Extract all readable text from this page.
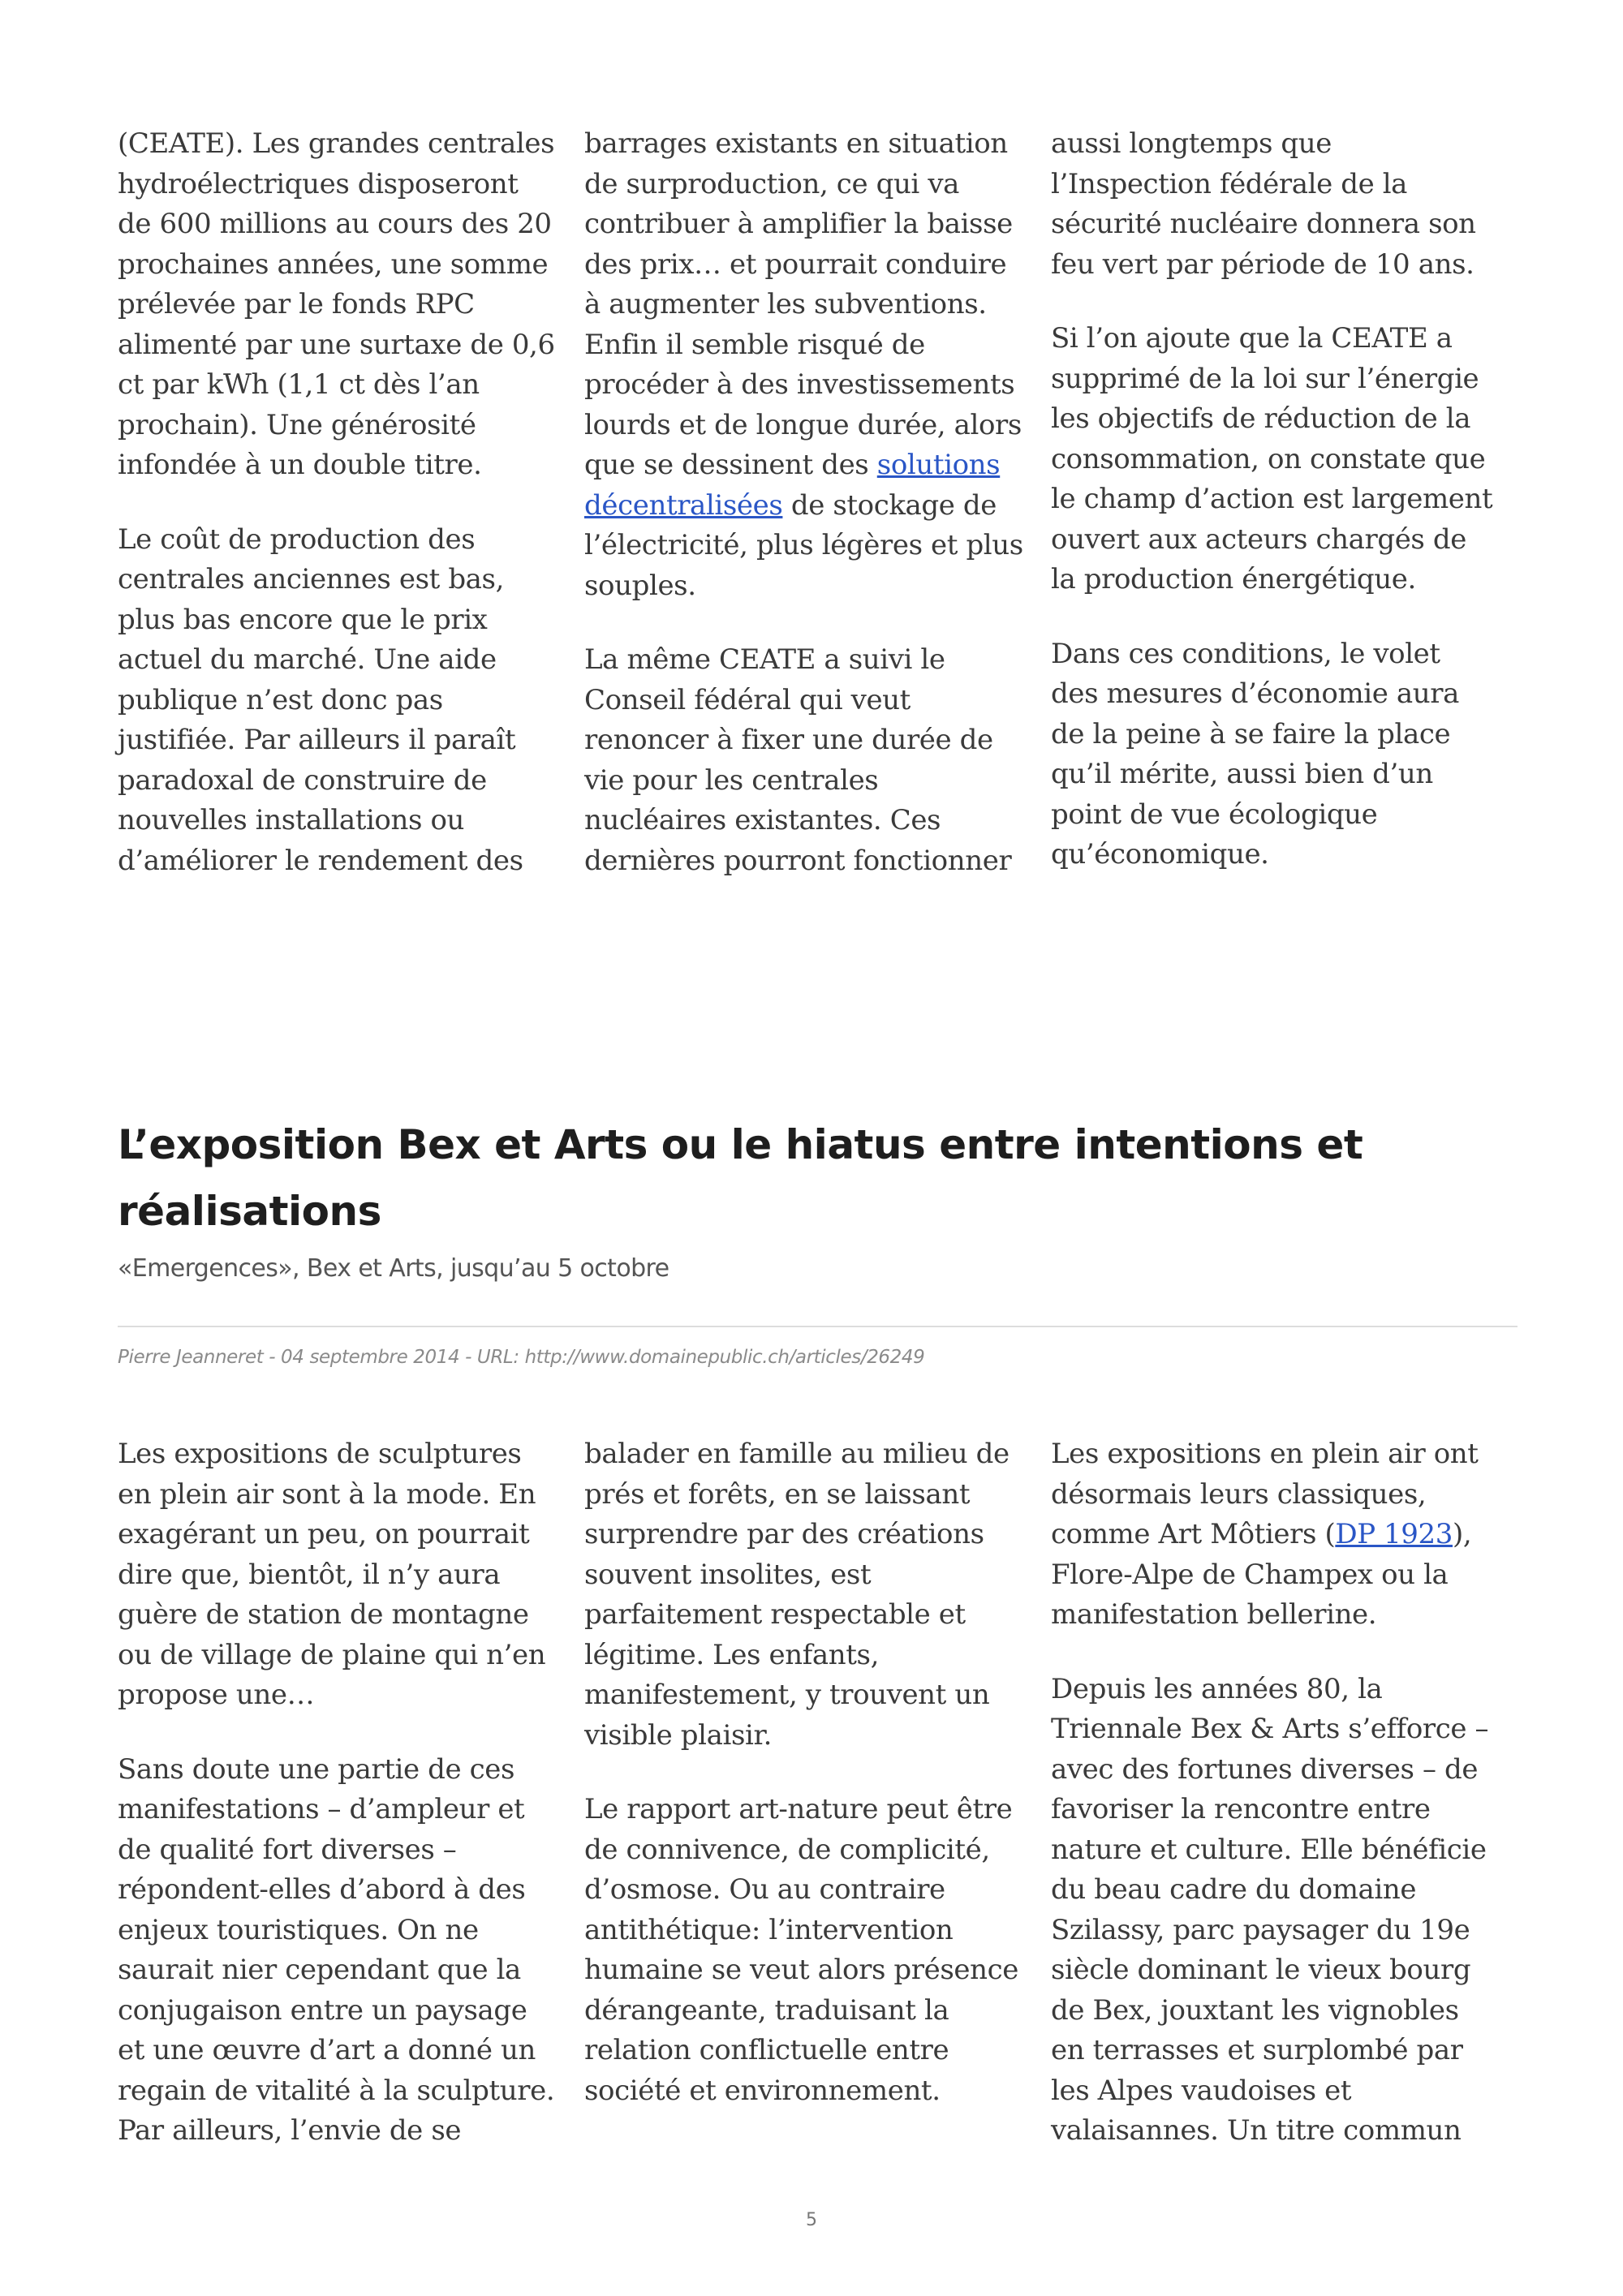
(CEATE). Les grandes centrales hydroélectriques disposeront de 600 millions au cours des 20 prochaines années, une somme prélevée par le fonds RPC alimenté par une surtaxe de 0,6 ct par kWh (1,1 ct dès l’an prochain). Une générosité infondée à un double titre.

Le coût de production des centrales anciennes est bas, plus bas encore que le prix actuel du marché. Une aide publique n’est donc pas justifiée. Par ailleurs il paraît paradoxal de construire de nouvelles installations ou d’améliorer le rendement des

barrages existants en situation de surproduction, ce qui va contribuer à amplifier la baisse des prix… et pourrait conduire à augmenter les subventions. Enfin il semble risqué de procéder à des investissements lourds et de longue durée, alors que se dessinent des solutions décentralisées de stockage de l’électricité, plus légères et plus souples.

La même CEATE a suivi le Conseil fédéral qui veut renoncer à fixer une durée de vie pour les centrales nucléaires existantes. Ces dernières pourront fonctionner

aussi longtemps que l’Inspection fédérale de la sécurité nucléaire donnera son feu vert par période de 10 ans.

Si l’on ajoute que la CEATE a supprimé de la loi sur l’énergie les objectifs de réduction de la consommation, on constate que le champ d’action est largement ouvert aux acteurs chargés de la production énergétique.

Dans ces conditions, le volet des mesures d’économie aura de la peine à se faire la place qu’il mérite, aussi bien d’un point de vue écologique qu’économique.

L’exposition Bex et Arts ou le hiatus entre intentions et réalisations
«Emergences», Bex et Arts, jusqu’au 5 octobre
Pierre Jeanneret - 04 septembre 2014 - URL: http://www.domainepublic.ch/articles/26249

Les expositions de sculptures en plein air sont à la mode. En exagérant un peu, on pourrait dire que, bientôt, il n’y aura guère de station de montagne ou de village de plaine qui n’en propose une…

Sans doute une partie de ces manifestations – d’ampleur et de qualité fort diverses – répondent-elles d’abord à des enjeux touristiques. On ne saurait nier cependant que la conjugaison entre un paysage et une œuvre d’art a donné un regain de vitalité à la sculpture. Par ailleurs, l’envie de se

balader en famille au milieu de prés et forêts, en se laissant surprendre par des créations souvent insolites, est parfaitement respectable et légitime. Les enfants, manifestement, y trouvent un visible plaisir.

Le rapport art-nature peut être de connivence, de complicité, d’osmose. Ou au contraire antithétique: l’intervention humaine se veut alors présence dérangeante, traduisant la relation conflictuelle entre société et environnement.

Les expositions en plein air ont désormais leurs classiques, comme Art Môtiers (DP 1923), Flore-Alpe de Champex ou la manifestation bellerine.

Depuis les années 80, la Triennale Bex & Arts s’efforce – avec des fortunes diverses – de favoriser la rencontre entre nature et culture. Elle bénéficie du beau cadre du domaine Szilassy, parc paysager du 19e siècle dominant le vieux bourg de Bex, jouxtant les vignobles en terrasses et surplombé par les Alpes vaudoises et valaisannes. Un titre commun

5
